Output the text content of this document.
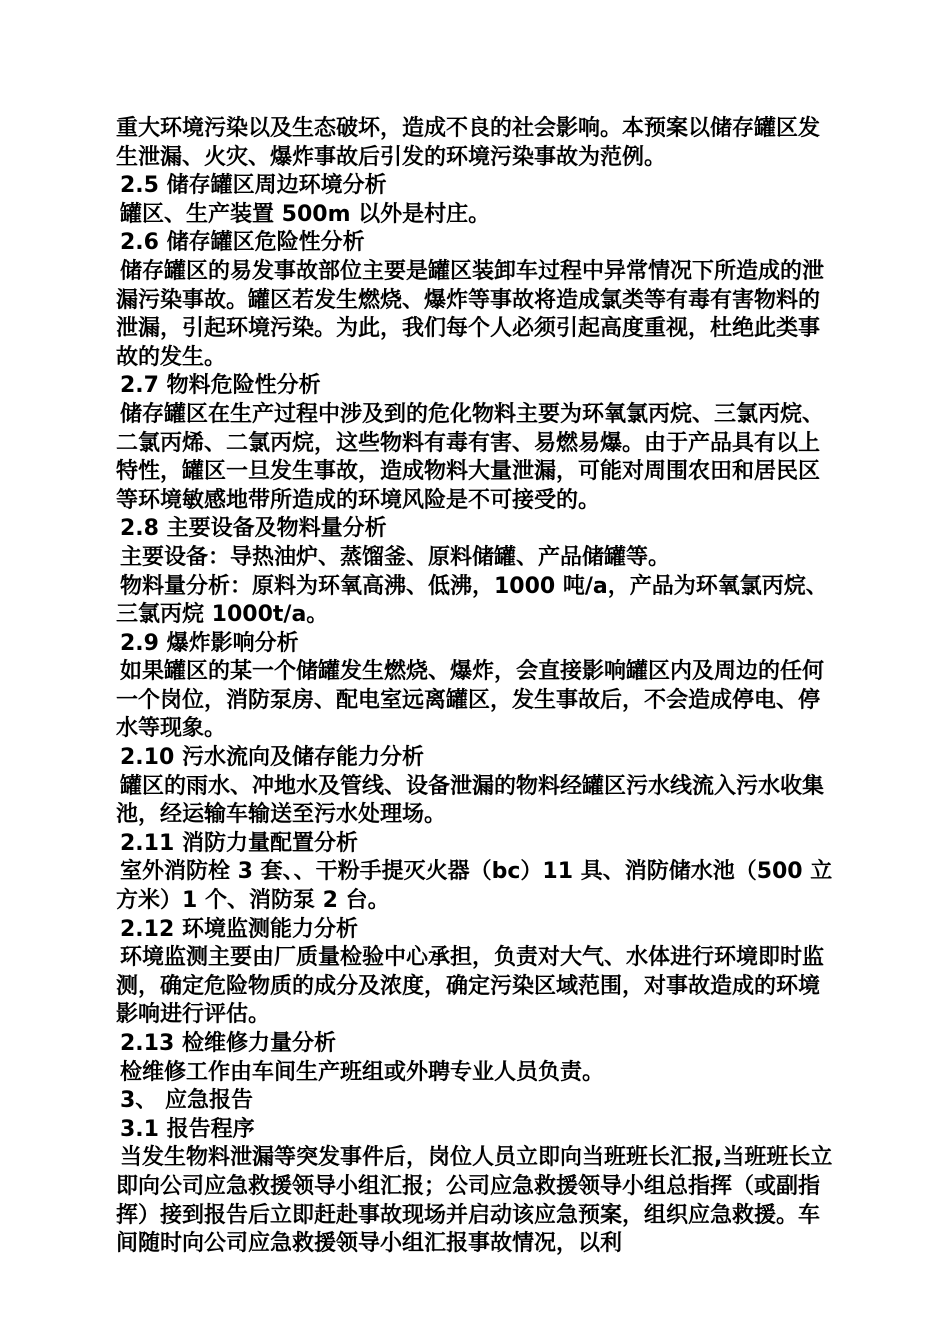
重大环境污染以及生态破坏，造成不良的社会影响。本预案以储存罐区发生泄漏、火灾、爆炸事故后引发的环境污染事故为范例。

2.5 储存罐区周边环境分析

罐区、生产装置 500m 以外是村庄。

2.6 储存罐区危险性分析

储存罐区的易发事故部位主要是罐区装卸车过程中异常情况下所造成的泄漏污染事故。罐区若发生燃烧、爆炸等事故将造成氯类等有毒有害物料的泄漏，引起环境污染。为此，我们每个人必须引起高度重视，杜绝此类事故的发生。

2.7 物料危险性分析

储存罐区在生产过程中涉及到的危化物料主要为环氧氯丙烷、三氯丙烷、二氯丙烯、二氯丙烷，这些物料有毒有害、易燃易爆。由于产品具有以上特性，罐区一旦发生事故，造成物料大量泄漏，可能对周围农田和居民区等环境敏感地带所造成的环境风险是不可接受的。

2.8 主要设备及物料量分析

主要设备：导热油炉、蒸馏釜、原料储罐、产品储罐等。

物料量分析：原料为环氧高沸、低沸，1000 吨/a，产品为环氧氯丙烷、三氯丙烷 1000t/a。

2.9 爆炸影响分析

如果罐区的某一个储罐发生燃烧、爆炸，会直接影响罐区内及周边的任何一个岗位，消防泵房、配电室远离罐区，发生事故后，不会造成停电、停水等现象。

2.10 污水流向及储存能力分析

罐区的雨水、冲地水及管线、设备泄漏的物料经罐区污水线流入污水收集池，经运输车输送至污水处理场。

2.11 消防力量配置分析

室外消防栓 3 套、、干粉手提灭火器（bc）11 具、消防储水池（500 立方米）1 个、消防泵 2 台。

2.12 环境监测能力分析

环境监测主要由厂质量检验中心承担，负责对大气、水体进行环境即时监测，确定危险物质的成分及浓度，确定污染区域范围，对事故造成的环境影响进行评估。

2.13 检维修力量分析

检维修工作由车间生产班组或外聘专业人员负责。

3、 应急报告

3.1 报告程序

当发生物料泄漏等突发事件后，岗位人员立即向当班班长汇报,当班班长立即向公司应急救援领导小组汇报；公司应急救援领导小组总指挥（或副指挥）接到报告后立即赶赴事故现场并启动该应急预案，组织应急救援。车间随时向公司应急救援领导小组汇报事故情况，以利
